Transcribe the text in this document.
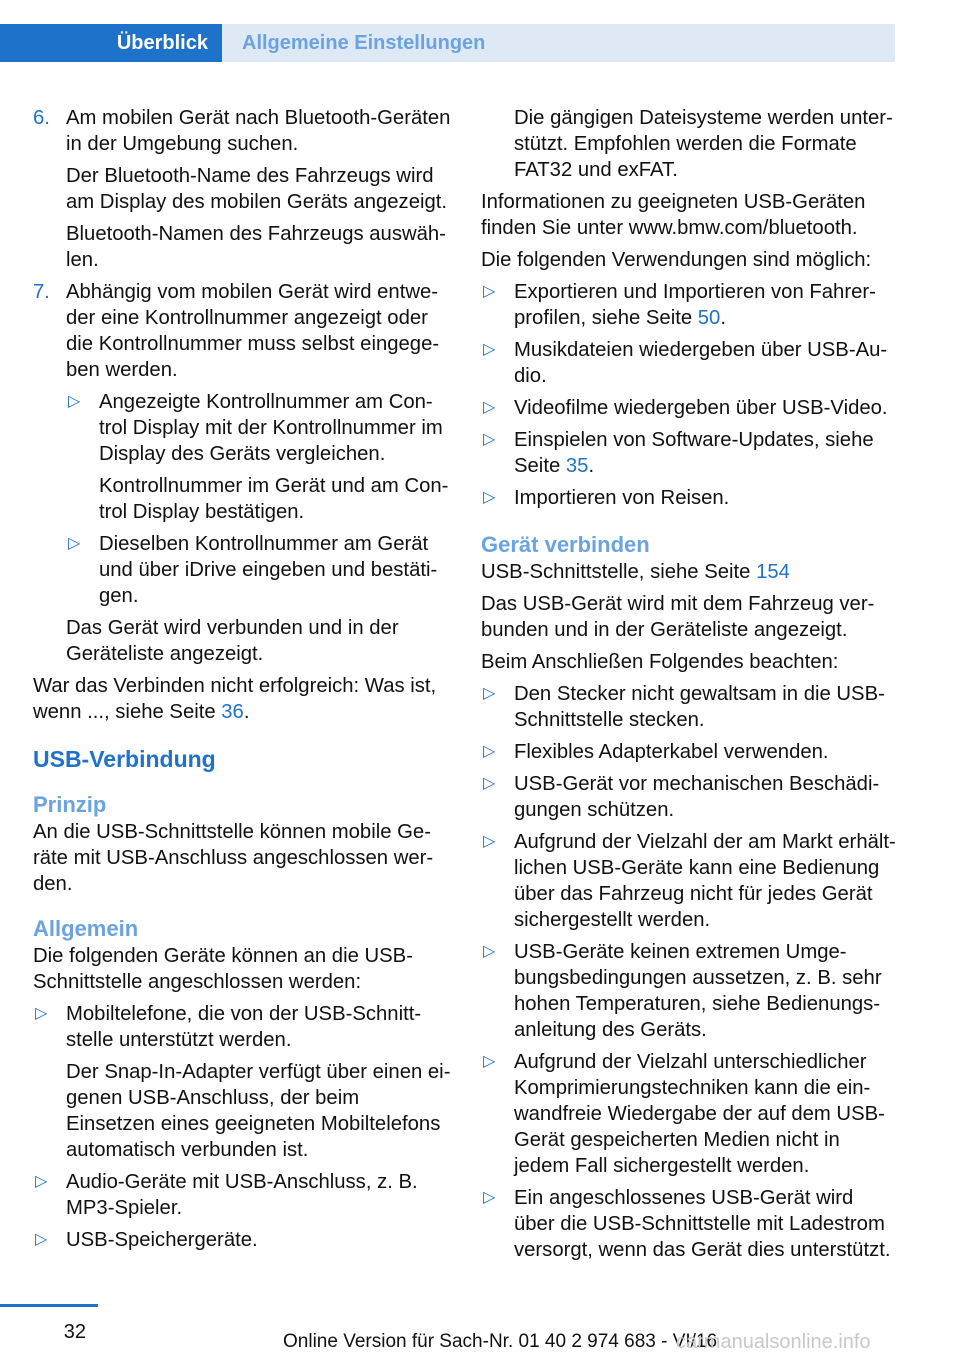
Überblick	Allgemeine Einstellungen
6. Am mobilen Gerät nach Bluetooth-Geräten in der Umgebung suchen.
Der Bluetooth-Name des Fahrzeugs wird am Display des mobilen Geräts angezeigt.
Bluetooth-Namen des Fahrzeugs auswählen.
7. Abhängig vom mobilen Gerät wird entweder eine Kontrollnummer angezeigt oder die Kontrollnummer muss selbst eingegeben werden.
▷ Angezeigte Kontrollnummer am Control Display mit der Kontrollnummer im Display des Geräts vergleichen.
Kontrollnummer im Gerät und am Control Display bestätigen.
▷ Dieselben Kontrollnummer am Gerät und über iDrive eingeben und bestätigen.
Das Gerät wird verbunden und in der Geräteliste angezeigt.
War das Verbinden nicht erfolgreich: Was ist, wenn ..., siehe Seite 36.
USB-Verbindung
Prinzip
An die USB-Schnittstelle können mobile Geräte mit USB-Anschluss angeschlossen werden.
Allgemein
Die folgenden Geräte können an die USB-Schnittstelle angeschlossen werden:
▷ Mobiltelefone, die von der USB-Schnittstelle unterstützt werden.
Der Snap-In-Adapter verfügt über einen eigenen USB-Anschluss, der beim Einsetzen eines geeigneten Mobiltelefons automatisch verbunden ist.
▷ Audio-Geräte mit USB-Anschluss, z. B. MP3-Spieler.
▷ USB-Speichergeräte.
Die gängigen Dateisysteme werden unterstützt. Empfohlen werden die Formate FAT32 und exFAT.
Informationen zu geeigneten USB-Geräten finden Sie unter www.bmw.com/bluetooth.
Die folgenden Verwendungen sind möglich:
▷ Exportieren und Importieren von Fahrerprofilen, siehe Seite 50.
▷ Musikdateien wiedergeben über USB-Audio.
▷ Videofilme wiedergeben über USB-Video.
▷ Einspielen von Software-Updates, siehe Seite 35.
▷ Importieren von Reisen.
Gerät verbinden
USB-Schnittstelle, siehe Seite 154
Das USB-Gerät wird mit dem Fahrzeug verbunden und in der Geräteliste angezeigt.
Beim Anschließen Folgendes beachten:
▷ Den Stecker nicht gewaltsam in die USB-Schnittstelle stecken.
▷ Flexibles Adapterkabel verwenden.
▷ USB-Gerät vor mechanischen Beschädigungen schützen.
▷ Aufgrund der Vielzahl der am Markt erhältlichen USB-Geräte kann eine Bedienung über das Fahrzeug nicht für jedes Gerät sichergestellt werden.
▷ USB-Geräte keinen extremen Umgebungsbedingungen aussetzen, z. B. sehr hohen Temperaturen, siehe Bedienungsanleitung des Geräts.
▷ Aufgrund der Vielzahl unterschiedlicher Komprimierungstechniken kann die einwandfreie Wiedergabe der auf dem USB-Gerät gespeicherten Medien nicht in jedem Fall sichergestellt werden.
▷ Ein angeschlossenes USB-Gerät wird über die USB-Schnittstelle mit Ladestrom versorgt, wenn das Gerät dies unterstützt.
32	Online Version für Sach-Nr. 01 40 2 974 683 - VI/16
carmanualsonline.info
